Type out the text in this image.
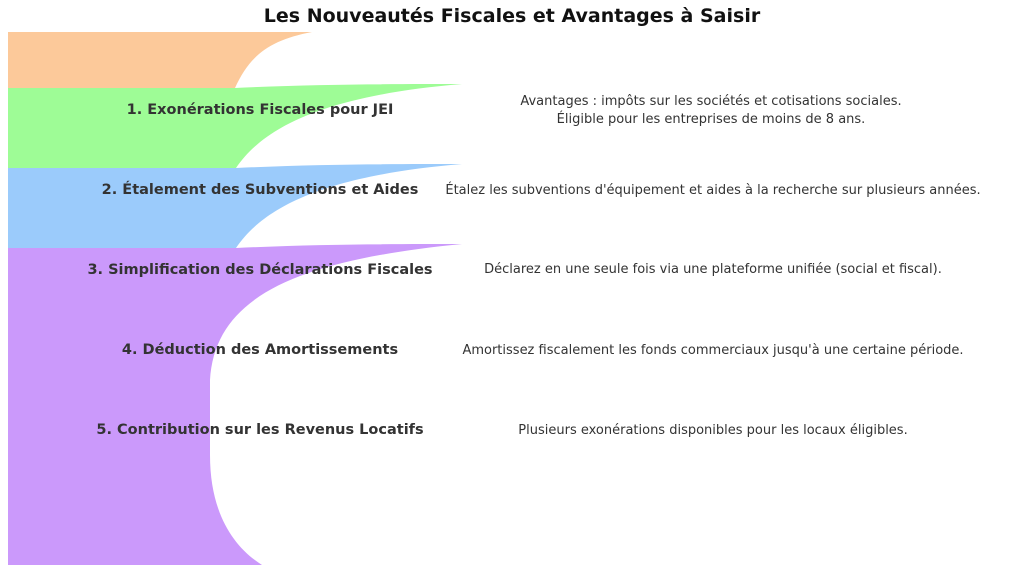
Les Nouveautés Fiscales et Avantages à Saisir
1. Exonérations Fiscales pour JEI
Avantages : impôts sur les sociétés et cotisations sociales.
Éligible pour les entreprises de moins de 8 ans.
2. Étalement des Subventions et Aides	Étalez les subventions d'équipement et aides à la recherche sur plusieurs années.
3. Simplification des Déclarations Fiscales	Déclarez en une seule fois via une plateforme unifiée (social et fiscal).
4. Déduction des Amortissements	Amortissez fiscalement les fonds commerciaux jusqu'à une certaine période.
5. Contribution sur les Revenus Locatifs	Plusieurs exonérations disponibles pour les locaux éligibles.
